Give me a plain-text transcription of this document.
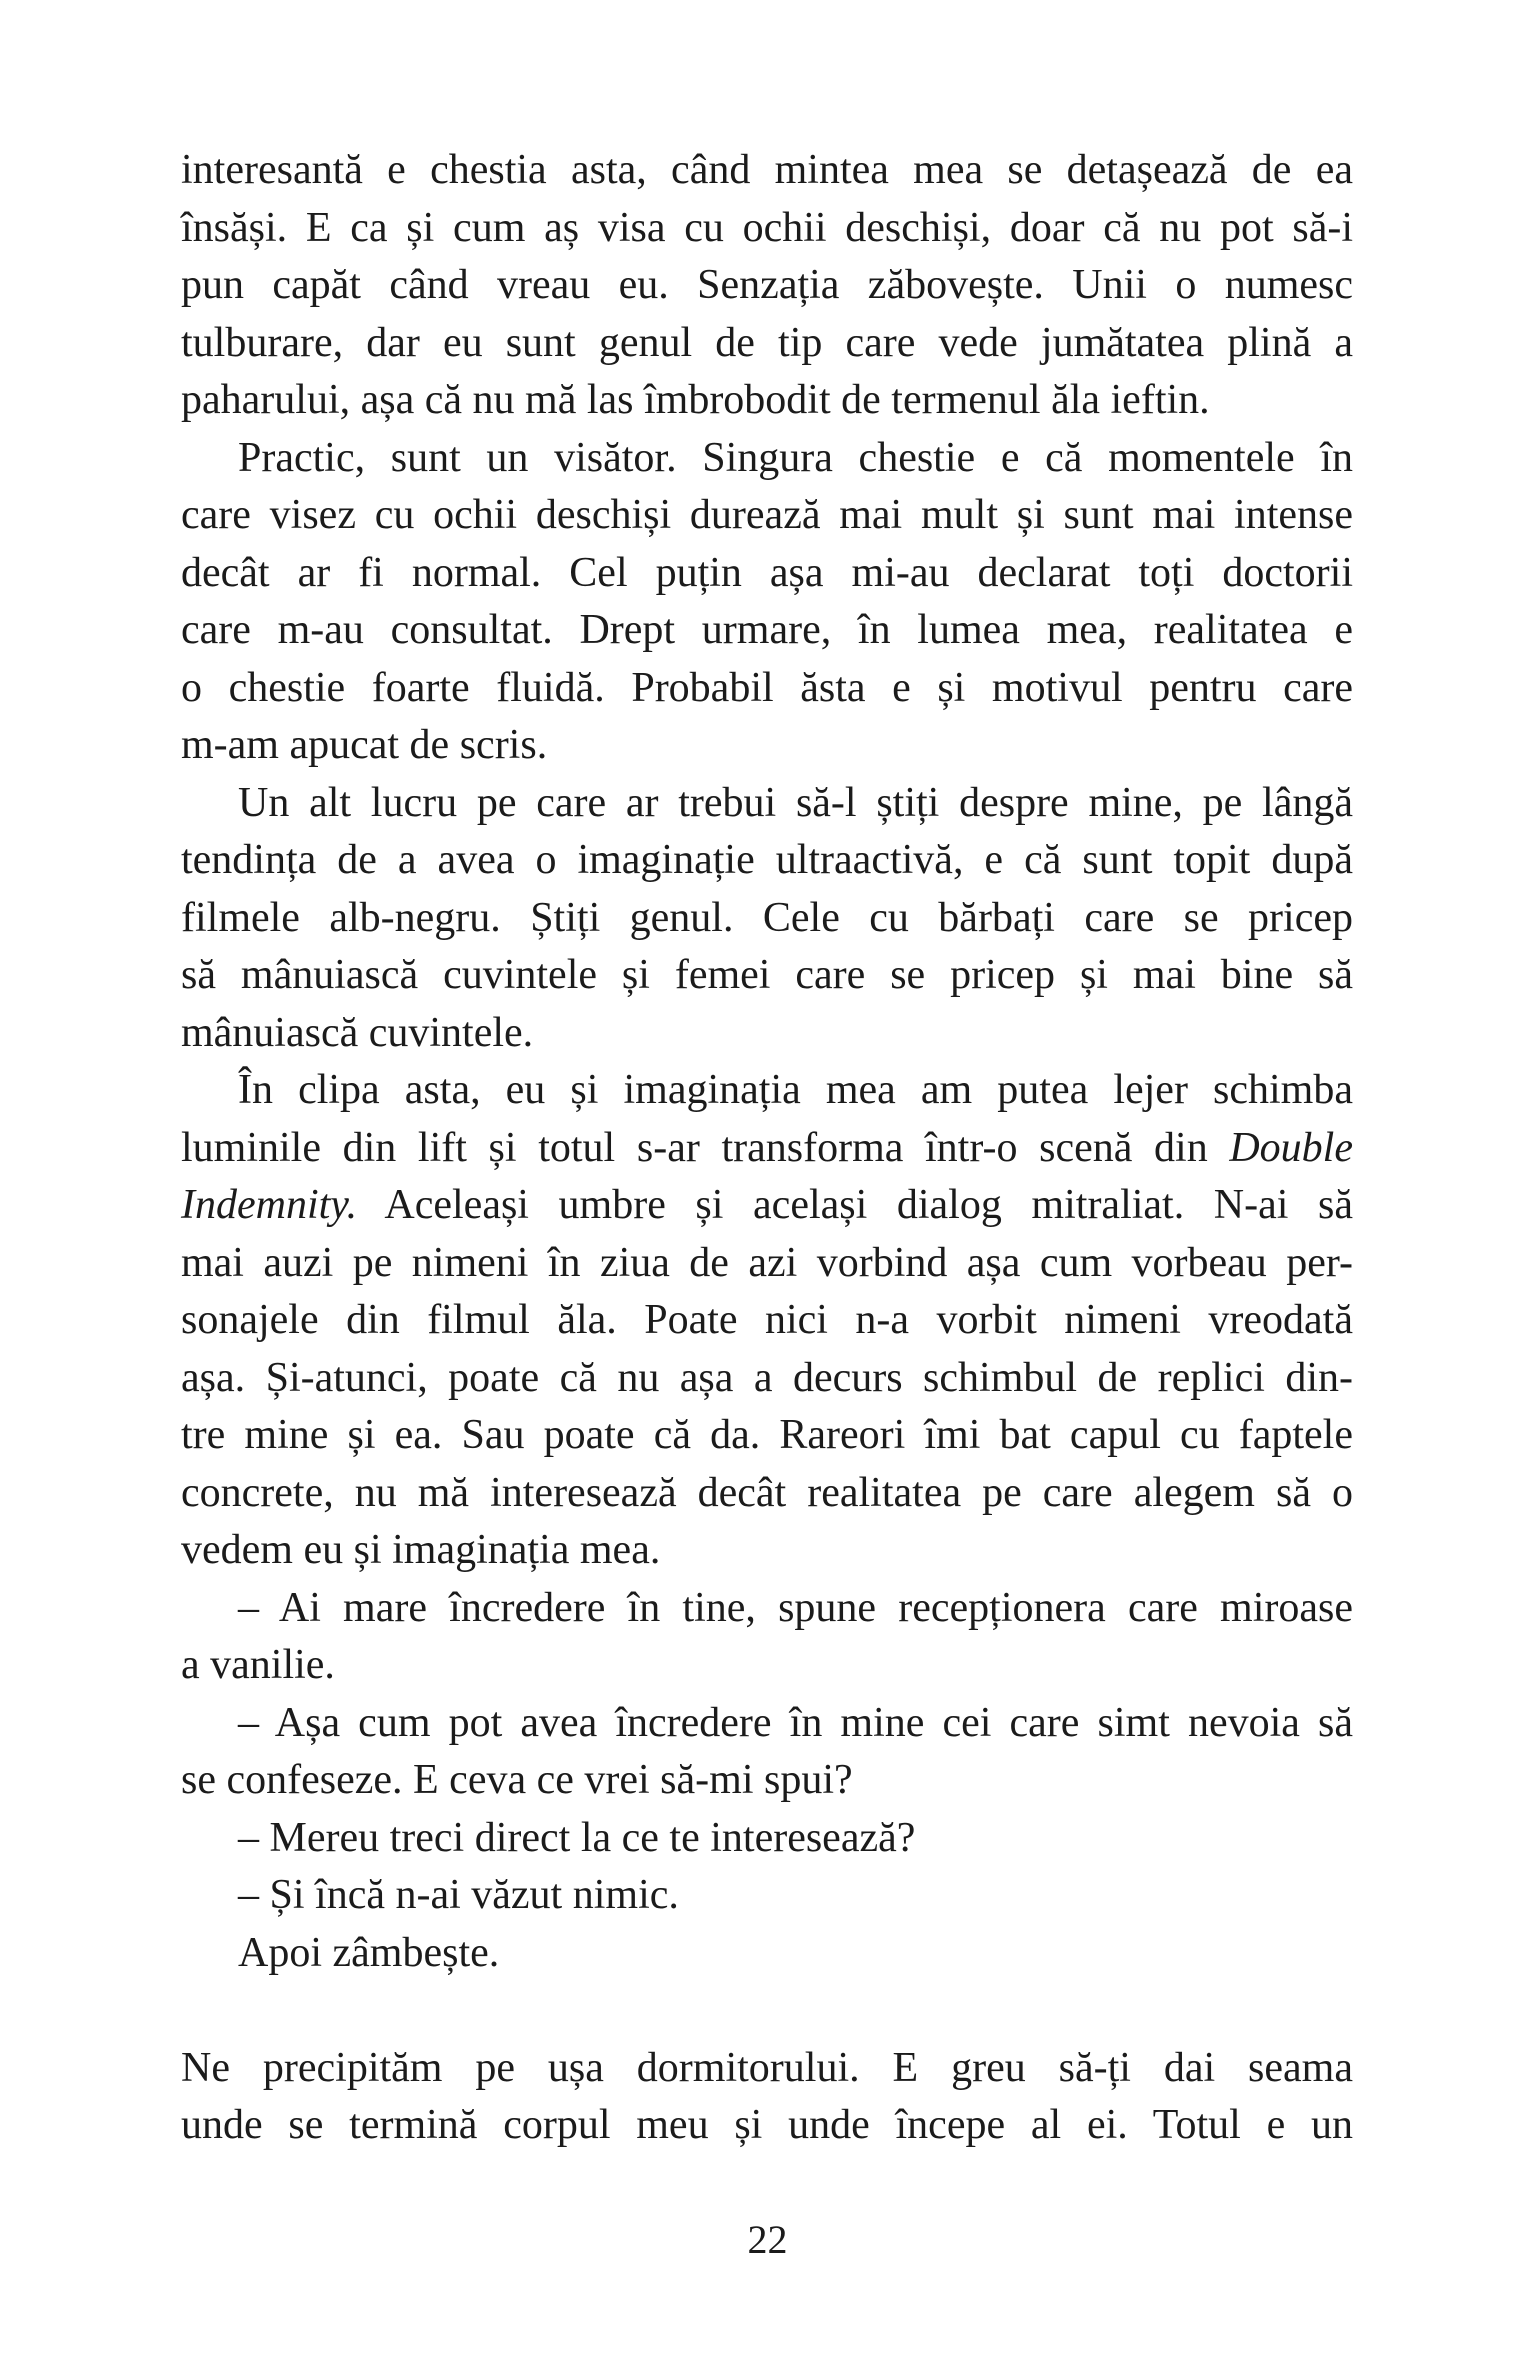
interesantă e chestia asta, când mintea mea se detașează de ea
însăși. E ca și cum aș visa cu ochii deschiși, doar că nu pot să-i
pun capăt când vreau eu. Senzația zăbovește. Unii o numesc
tulburare, dar eu sunt genul de tip care vede jumătatea plină a
paharului, așa că nu mă las îmbrobodit de termenul ăla ieftin.
Practic, sunt un visător. Singura chestie e că momentele în
care visez cu ochii deschiși durează mai mult și sunt mai intense
decât ar fi normal. Cel puțin așa mi-au declarat toți doctorii
care m-au consultat. Drept urmare, în lumea mea, realitatea e
o chestie foarte fluidă. Probabil ăsta e și motivul pentru care
m-am apucat de scris.
Un alt lucru pe care ar trebui să-l știți despre mine, pe lângă
tendința de a avea o imaginație ultraactivă, e că sunt topit după
filmele alb-negru. Știți genul. Cele cu bărbați care se pricep
să mânuiască cuvintele și femei care se pricep și mai bine să
mânuiască cuvintele.
În clipa asta, eu și imaginația mea am putea lejer schimba
luminile din lift și totul s-ar transforma într-o scenă din Double
Indemnity. Aceleași umbre și același dialog mitraliat. N-ai să
mai auzi pe nimeni în ziua de azi vorbind așa cum vorbeau per-
sonajele din filmul ăla. Poate nici n-a vorbit nimeni vreodată
așa. Și-atunci, poate că nu așa a decurs schimbul de replici din-
tre mine și ea. Sau poate că da. Rareori îmi bat capul cu faptele
concrete, nu mă interesează decât realitatea pe care alegem să o
vedem eu și imaginația mea.
– Ai mare încredere în tine, spune recepționera care miroase
a vanilie.
– Așa cum pot avea încredere în mine cei care simt nevoia să
se confeseze. E ceva ce vrei să-mi spui?
– Mereu treci direct la ce te interesează?
– Și încă n-ai văzut nimic.
Apoi zâmbește.
Ne precipităm pe ușa dormitorului. E greu să-ți dai seama
unde se termină corpul meu și unde începe al ei. Totul e un
22
